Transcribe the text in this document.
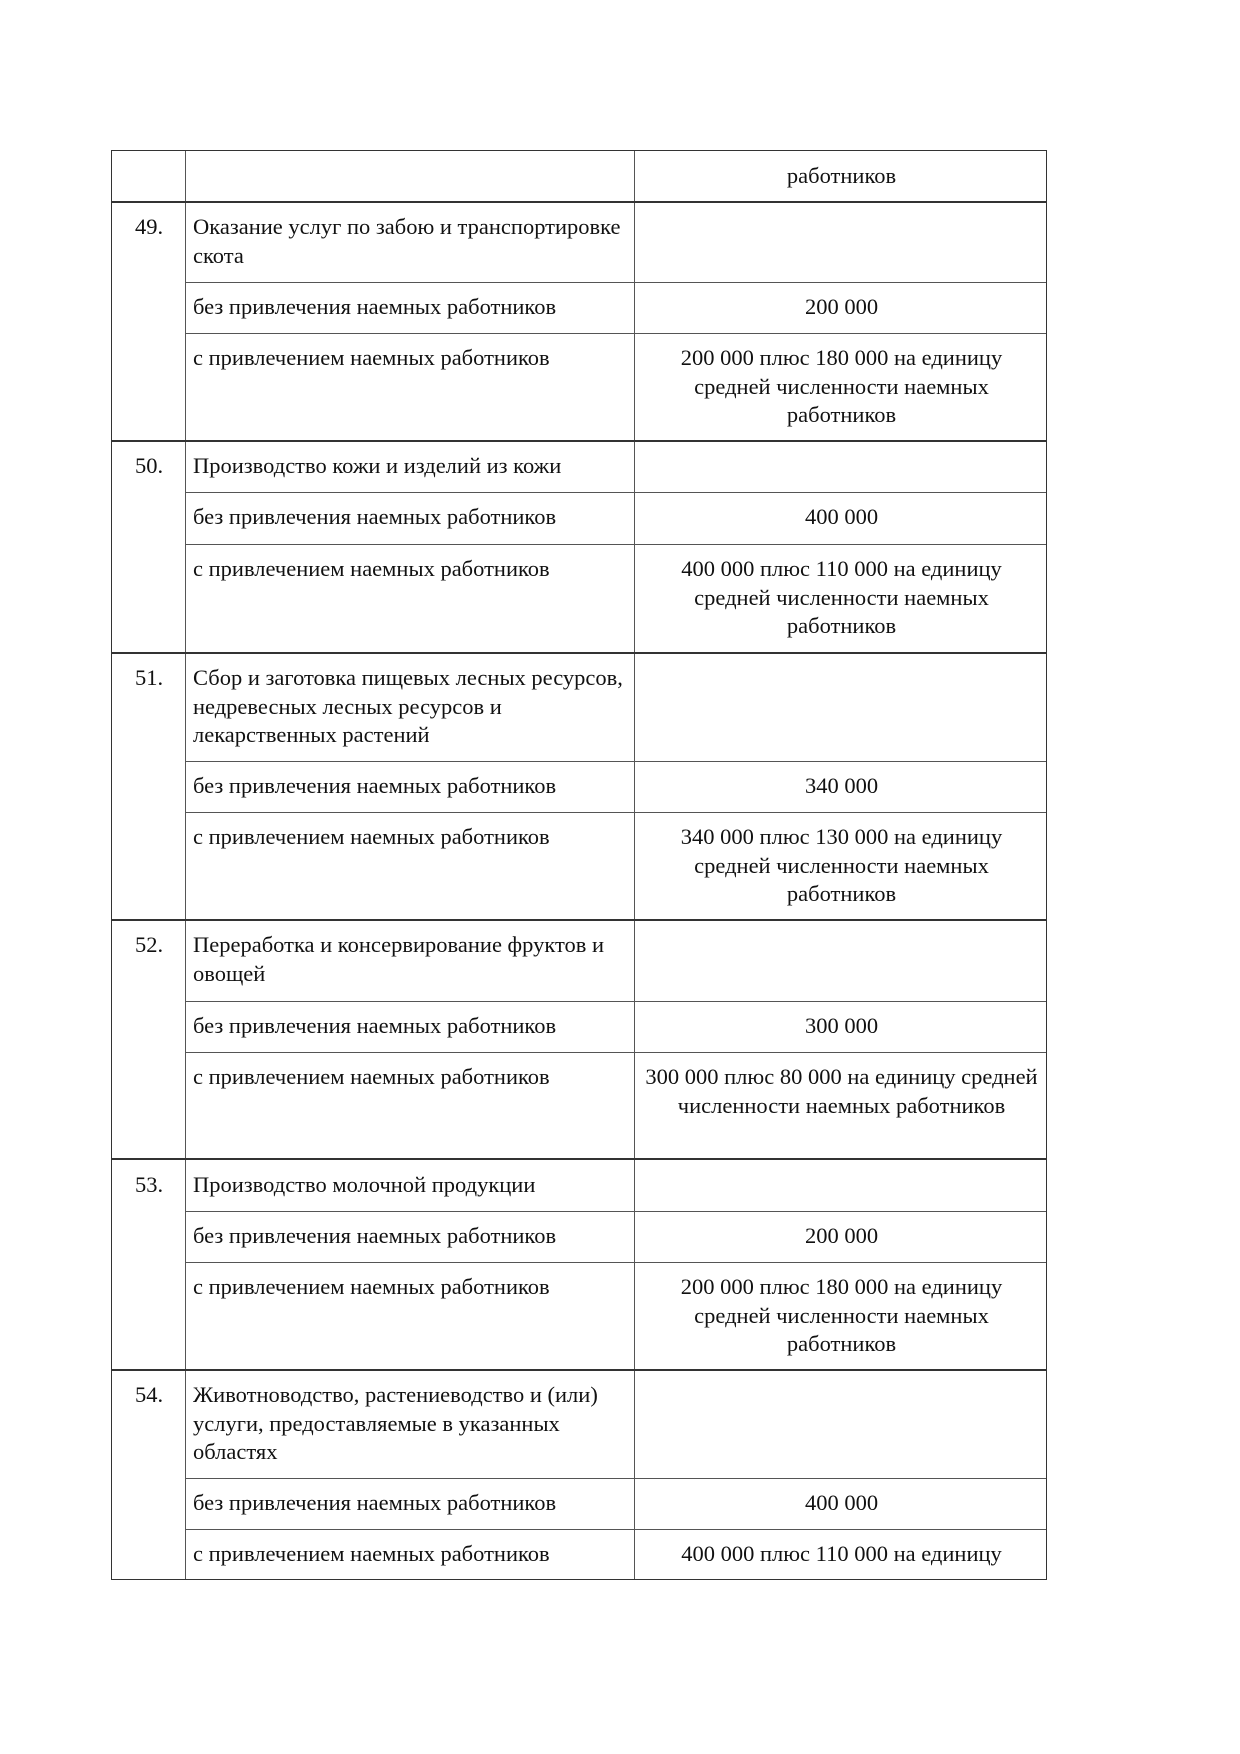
работников
49.	Оказание услуг по забою и транспортировке скота
без привлечения наемных работников	200 000
с привлечением наемных работников	200 000 плюс 180 000 на единицу средней численности наемных работников
50.	Производство кожи и изделий из кожи
без привлечения наемных работников	400 000
с привлечением наемных работников	400 000 плюс 110 000 на единицу средней численности наемных работников
51.	Сбор и заготовка пищевых лесных ресурсов, недревесных лесных ресурсов и лекарственных растений
без привлечения наемных работников	340 000
с привлечением наемных работников	340 000 плюс 130 000 на единицу средней численности наемных работников
52.	Переработка и консервирование фруктов и овощей
без привлечения наемных работников	300 000
с привлечением наемных работников	300 000 плюс 80 000 на единицу средней численности наемных работников
53.	Производство молочной продукции
без привлечения наемных работников	200 000
с привлечением наемных работников	200 000 плюс 180 000 на единицу средней численности наемных работников
54.	Животноводство, растениеводство и (или) услуги, предоставляемые в указанных областях
без привлечения наемных работников	400 000
с привлечением наемных работников	400 000 плюс 110 000 на единицу
